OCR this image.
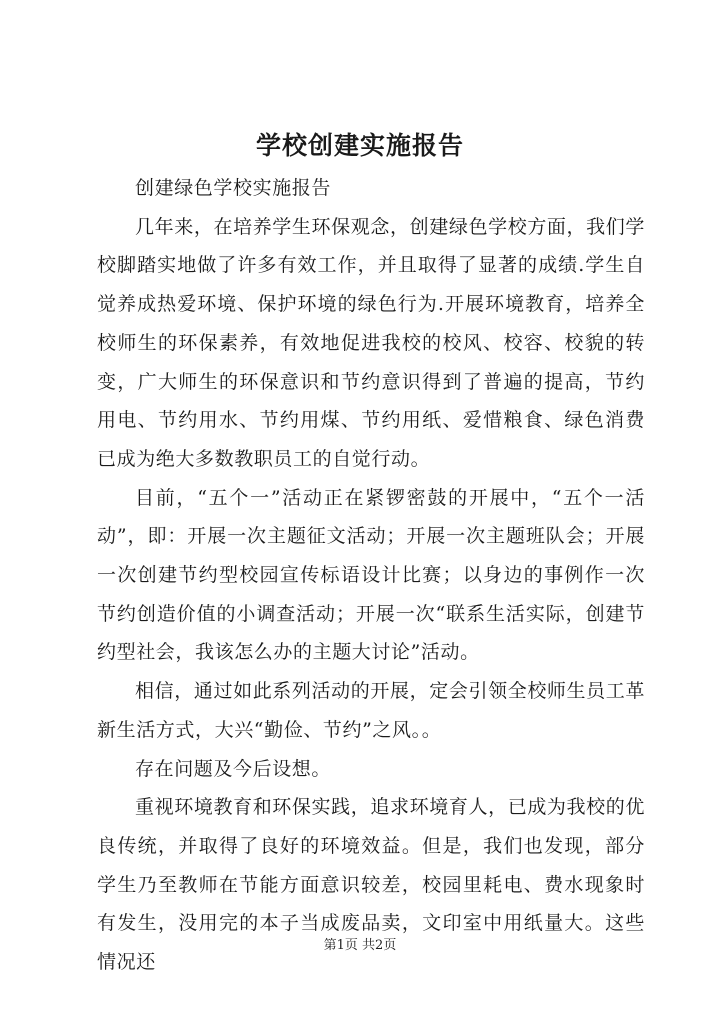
学校创建实施报告

创建绿色学校实施报告

几年来，在培养学生环保观念，创建绿色学校方面，我们学校脚踏实地做了许多有效工作，并且取得了显著的成绩.学生自觉养成热爱环境、保护环境的绿色行为.开展环境教育，培养全校师生的环保素养，有效地促进我校的校风、校容、校貌的转变，广大师生的环保意识和节约意识得到了普遍的提高，节约用电、节约用水、节约用煤、节约用纸、爱惜粮食、绿色消费已成为绝大多数教职员工的自觉行动。

目前，“五个一”活动正在紧锣密鼓的开展中，“五个一活动”，即：开展一次主题征文活动；开展一次主题班队会；开展一次创建节约型校园宣传标语设计比赛；以身边的事例作一次节约创造价值的小调查活动；开展一次“联系生活实际，创建节约型社会，我该怎么办的主题大讨论”活动。

相信，通过如此系列活动的开展，定会引领全校师生员工革新生活方式，大兴“勤俭、节约”之风。。

存在问题及今后设想。

重视环境教育和环保实践，追求环境育人，已成为我校的优良传统，并取得了良好的环境效益。但是，我们也发现，部分学生乃至教师在节能方面意识较差，校园里耗电、费水现象时有发生，没用完的本子当成废品卖，文印室中用纸量大。这些情况还

第1页 共2页
